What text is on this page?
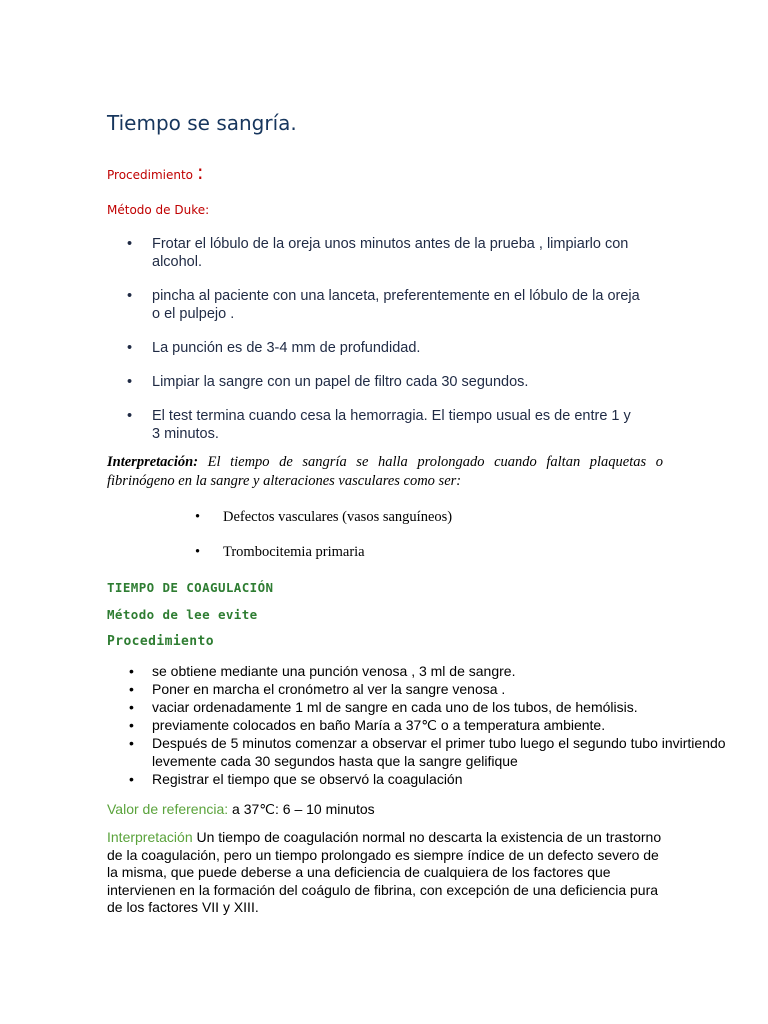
Tiempo se sangría.
Procedimiento :
Método de Duke:
• Frotar el lóbulo de la oreja unos minutos antes de la prueba , limpiarlo con alcohol.
• pincha al paciente con una lanceta, preferentemente en el lóbulo de la oreja o el pulpejo .
• La punción es de 3-4 mm de profundidad.
• Limpiar la sangre con un papel de filtro cada 30 segundos.
• El test termina cuando cesa la hemorragia. El tiempo usual es de entre 1 y 3 minutos.

Interpretación: El tiempo de sangría se halla prolongado cuando faltan plaquetas o fibrinógeno en la sangre y alteraciones vasculares como ser:

• Defectos vasculares (vasos sanguíneos)
• Trombocitemia primaria
TIEMPO DE COAGULACIÓN
Método de lee evite
Procedimiento
• se obtiene mediante una punción venosa , 3 ml de sangre.
• Poner en marcha el cronómetro al ver la sangre venosa .
• vaciar ordenadamente 1 ml de sangre en cada uno de los tubos, de hemólisis.
• previamente colocados en baño María a 37℃ o a temperatura ambiente.
• Después de 5 minutos comenzar a observar el primer tubo luego el segundo tubo invirtiendo levemente cada 30 segundos hasta que la sangre gelifique
• Registrar el tiempo que se observó la coagulación

Valor de referencia: a 37℃: 6 – 10 minutos

Interpretación Un tiempo de coagulación normal no descarta la existencia de un trastorno de la coagulación, pero un tiempo prolongado es siempre índice de un defecto severo de la misma, que puede deberse a una deficiencia de cualquiera de los factores que intervienen en la formación del coágulo de fibrina, con excepción de una deficiencia pura de los factores VII y XIII.
